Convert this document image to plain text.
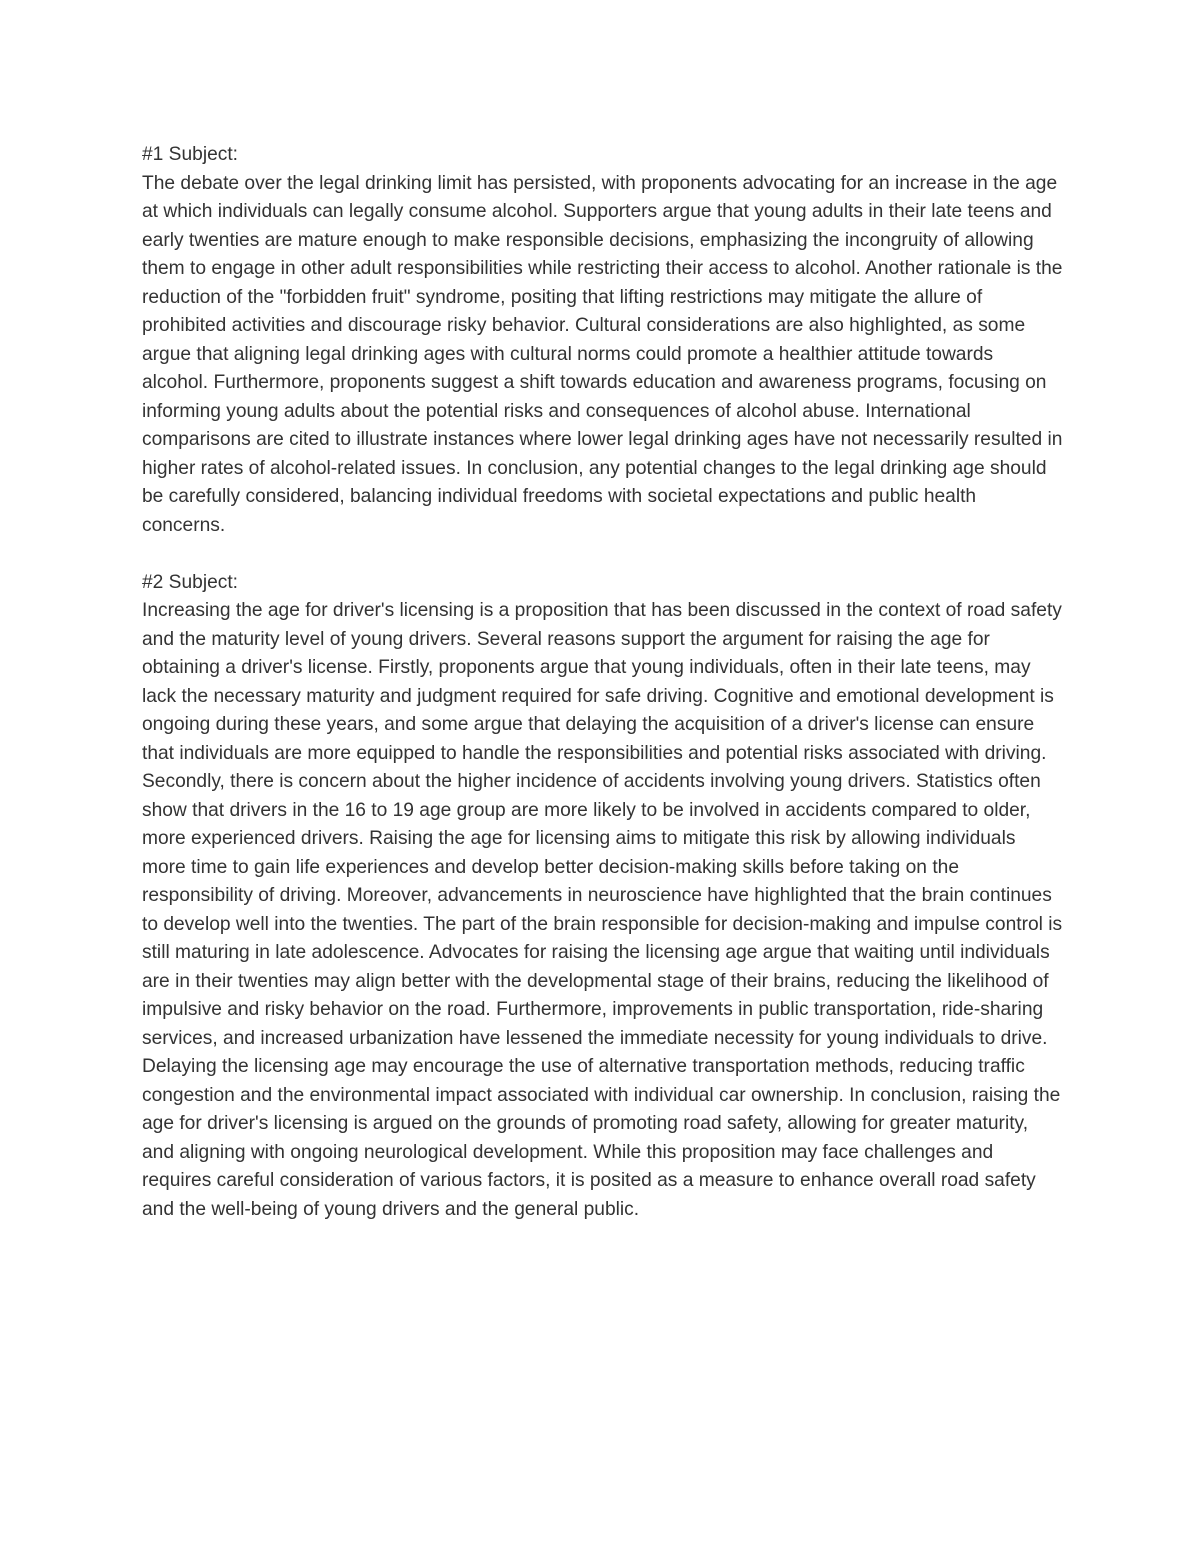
#1 Subject:
The debate over the legal drinking limit has persisted, with proponents advocating for an increase in the age at which individuals can legally consume alcohol. Supporters argue that young adults in their late teens and early twenties are mature enough to make responsible decisions, emphasizing the incongruity of allowing them to engage in other adult responsibilities while restricting their access to alcohol. Another rationale is the reduction of the "forbidden fruit" syndrome, positing that lifting restrictions may mitigate the allure of prohibited activities and discourage risky behavior. Cultural considerations are also highlighted, as some argue that aligning legal drinking ages with cultural norms could promote a healthier attitude towards alcohol. Furthermore, proponents suggest a shift towards education and awareness programs, focusing on informing young adults about the potential risks and consequences of alcohol abuse. International comparisons are cited to illustrate instances where lower legal drinking ages have not necessarily resulted in higher rates of alcohol-related issues. In conclusion, any potential changes to the legal drinking age should be carefully considered, balancing individual freedoms with societal expectations and public health concerns.
#2 Subject:
Increasing the age for driver's licensing is a proposition that has been discussed in the context of road safety and the maturity level of young drivers. Several reasons support the argument for raising the age for obtaining a driver's license. Firstly, proponents argue that young individuals, often in their late teens, may lack the necessary maturity and judgment required for safe driving. Cognitive and emotional development is ongoing during these years, and some argue that delaying the acquisition of a driver's license can ensure that individuals are more equipped to handle the responsibilities and potential risks associated with driving. Secondly, there is concern about the higher incidence of accidents involving young drivers. Statistics often show that drivers in the 16 to 19 age group are more likely to be involved in accidents compared to older, more experienced drivers. Raising the age for licensing aims to mitigate this risk by allowing individuals more time to gain life experiences and develop better decision-making skills before taking on the responsibility of driving. Moreover, advancements in neuroscience have highlighted that the brain continues to develop well into the twenties. The part of the brain responsible for decision-making and impulse control is still maturing in late adolescence. Advocates for raising the licensing age argue that waiting until individuals are in their twenties may align better with the developmental stage of their brains, reducing the likelihood of impulsive and risky behavior on the road. Furthermore, improvements in public transportation, ride-sharing services, and increased urbanization have lessened the immediate necessity for young individuals to drive. Delaying the licensing age may encourage the use of alternative transportation methods, reducing traffic congestion and the environmental impact associated with individual car ownership. In conclusion, raising the age for driver's licensing is argued on the grounds of promoting road safety, allowing for greater maturity, and aligning with ongoing neurological development. While this proposition may face challenges and requires careful consideration of various factors, it is posited as a measure to enhance overall road safety and the well-being of young drivers and the general public.
